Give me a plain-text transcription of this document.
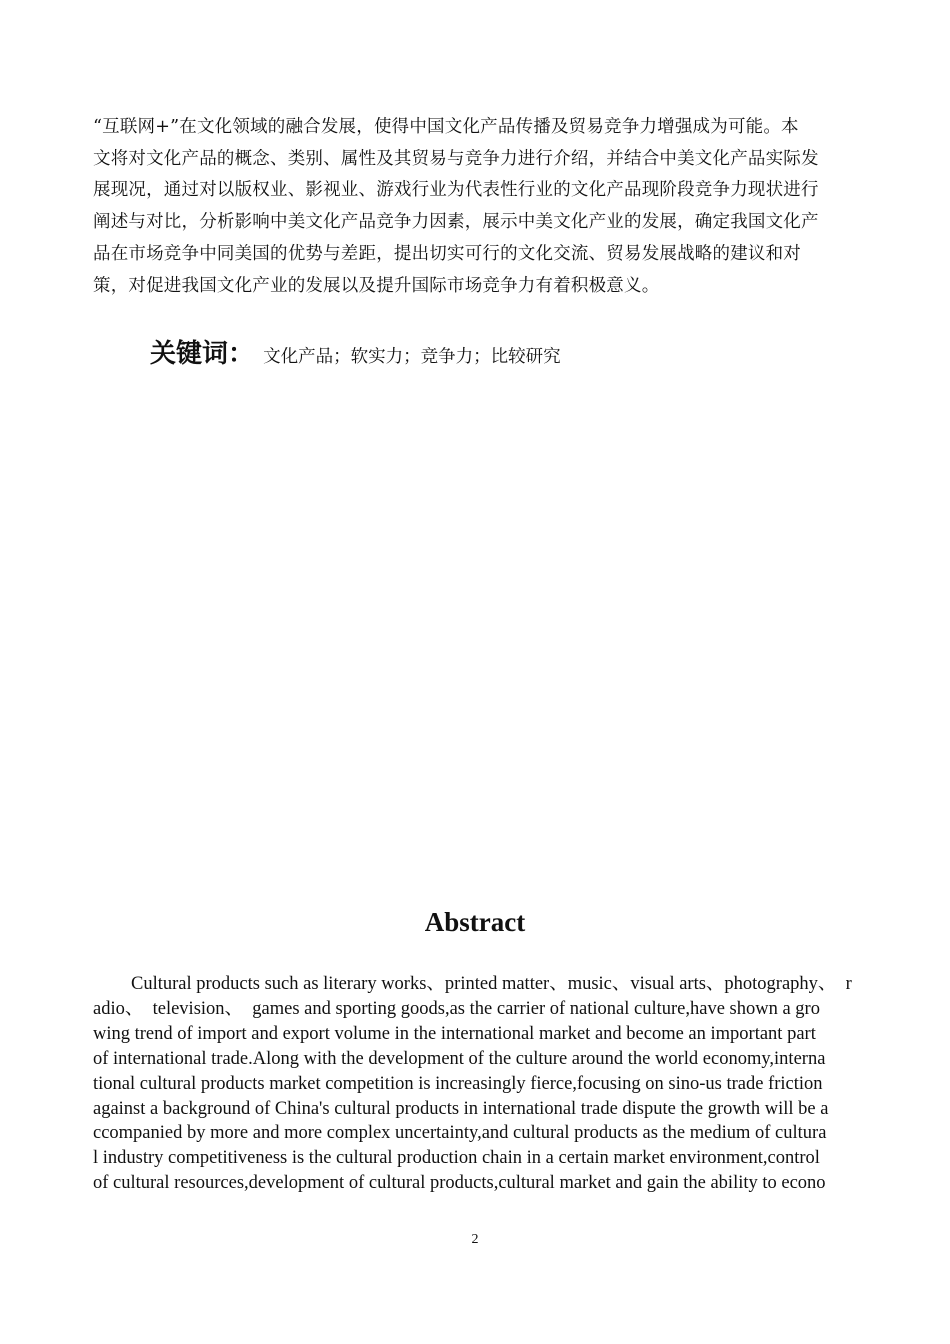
“互联网+”在文化领域的融合发展，使得中国文化产品传播及贸易竞争力增强成为可能。本
文将对文化产品的概念、类别、属性及其贸易与竞争力进行介绍，并结合中美文化产品实际发
展现况，通过对以版权业、影视业、游戏行业为代表性行业的文化产品现阶段竞争力现状进行
阐述与对比，分析影响中美文化产品竞争力因素，展示中美文化产业的发展，确定我国文化产
品在市场竞争中同美国的优势与差距，提出切实可行的文化交流、贸易发展战略的建议和对
策，对促进我国文化产业的发展以及提升国际市场竞争力有着积极意义。
关键词： 文化产品；软实力；竞争力；比较研究
Abstract
Cultural products such as literary works、printed matter、music、visual arts、photography、　r
adio、　television、　games and sporting goods,as the carrier of national culture,have shown a gro
wing trend of import and export volume in the international market and become an important part
of international trade.Along with the development of the culture around the world economy,interna
tional cultural products market competition is increasingly fierce,focusing on sino-us trade friction
against a background of China's cultural products in international trade dispute the growth will be a
ccompanied by more and more complex uncertainty,and cultural products as the medium of cultura
l industry competitiveness is the cultural production chain in a certain market environment,control
of cultural resources,development of cultural products,cultural market and gain the ability to econo
2
